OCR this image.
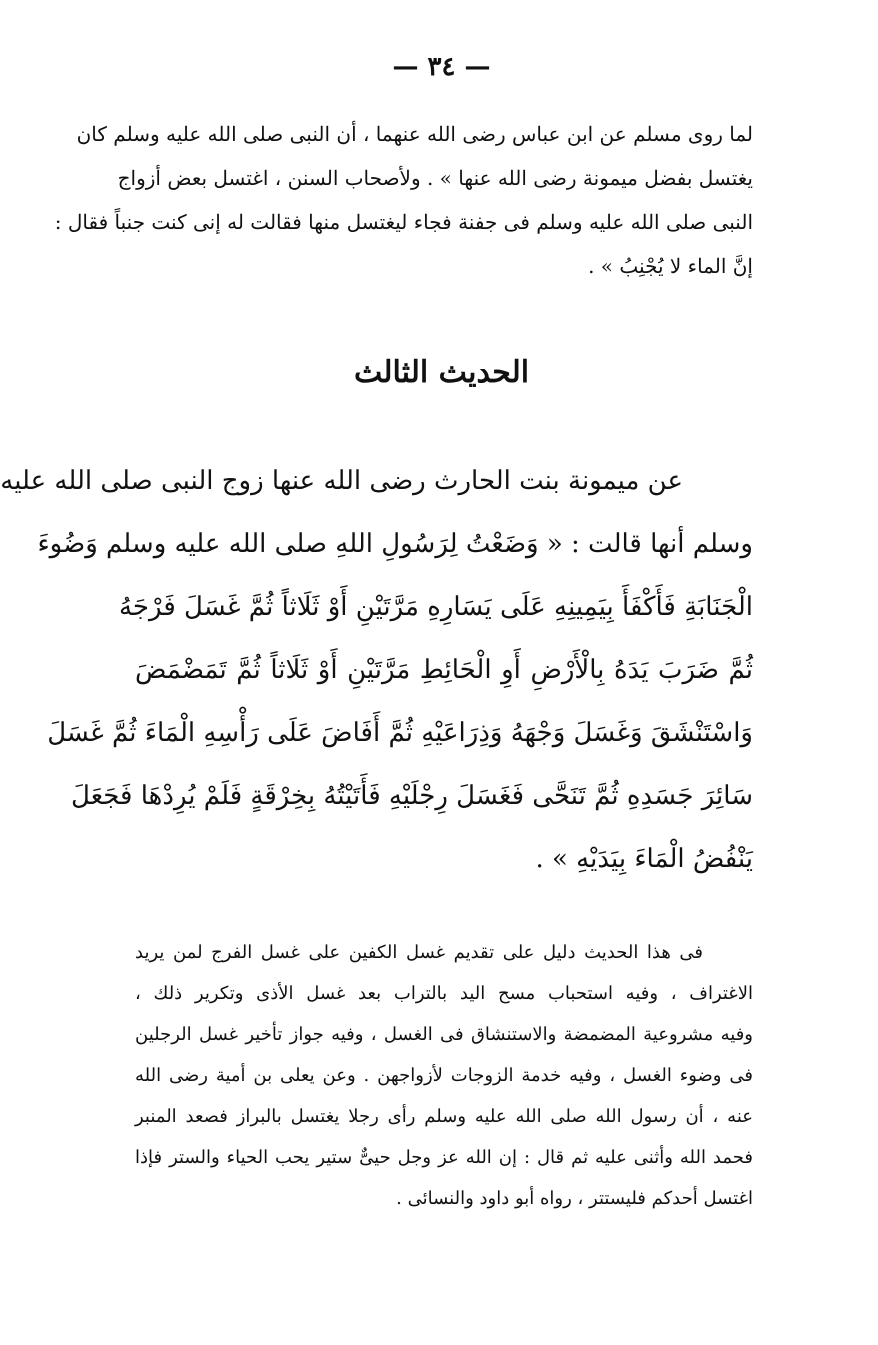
— ٣٤ —
لما روى مسلم عن ابن عباس رضى الله عنهما ، أن النبى صلى الله عليه وسلم كان
يغتسل بفضل ميمونة رضى الله عنها » . ولأصحاب السنن ، اغتسل بعض أزواج
النبى صلى الله عليه وسلم فى جفنة فجاء ليغتسل منها فقالت له إنى كنت جنباً فقال :
إنَّ الماء لا يُجْنِبُ » .
الحديث الثالث
عن ميمونة بنت الحارث رضى الله عنها زوج النبى صلى الله عليه
وسلم أنها قالت : « وَضَعْتُ لِرَسُولِ اللهِ صلى الله عليه وسلم وَضُوءَ
الْجَنَابَةِ فَأَكْفَأَ بِيَمِينِهِ عَلَى يَسَارِهِ مَرَّتَيْنِ أَوْ ثَلَاثاً ثُمَّ غَسَلَ فَرْجَهُ
ثُمَّ ضَرَبَ يَدَهُ بِالْأَرْضِ أَوِ الْحَائِطِ مَرَّتَيْنِ أَوْ ثَلَاثاً ثُمَّ تَمَضْمَضَ
وَاسْتَنْشَقَ وَغَسَلَ وَجْهَهُ وَذِرَاعَيْهِ ثُمَّ أَفَاضَ عَلَى رَأْسِهِ الْمَاءَ ثُمَّ غَسَلَ
سَائِرَ جَسَدِهِ ثُمَّ تَنَحَّى فَغَسَلَ رِجْلَيْهِ فَأَتَيْتُهُ بِخِرْقَةٍ فَلَمْ يُرِدْهَا فَجَعَلَ
يَنْفُضُ الْمَاءَ بِيَدَيْهِ » .
فى هذا الحديث دليل على تقديم غسل الكفين على غسل الفرج لمن يريد
الاغتراف ، وفيه استحباب مسح اليد بالتراب بعد غسل الأذى وتكرير ذلك ،
وفيه مشروعية المضمضة والاستنشاق فى الغسل ، وفيه جواز تأخير غسل الرجلين
فى وضوء الغسل ، وفيه خدمة الزوجات لأزواجهن . وعن يعلى بن أمية رضى الله
عنه ، أن رسول الله صلى الله عليه وسلم رأى رجلا يغتسل بالبراز فصعد المنبر
فحمد الله وأثنى عليه ثم قال : إن الله عز وجل حيىٌّ ستير يحب الحياء والستر فإذا
اغتسل أحدكم فليستتر ، رواه أبو داود والنسائى .
